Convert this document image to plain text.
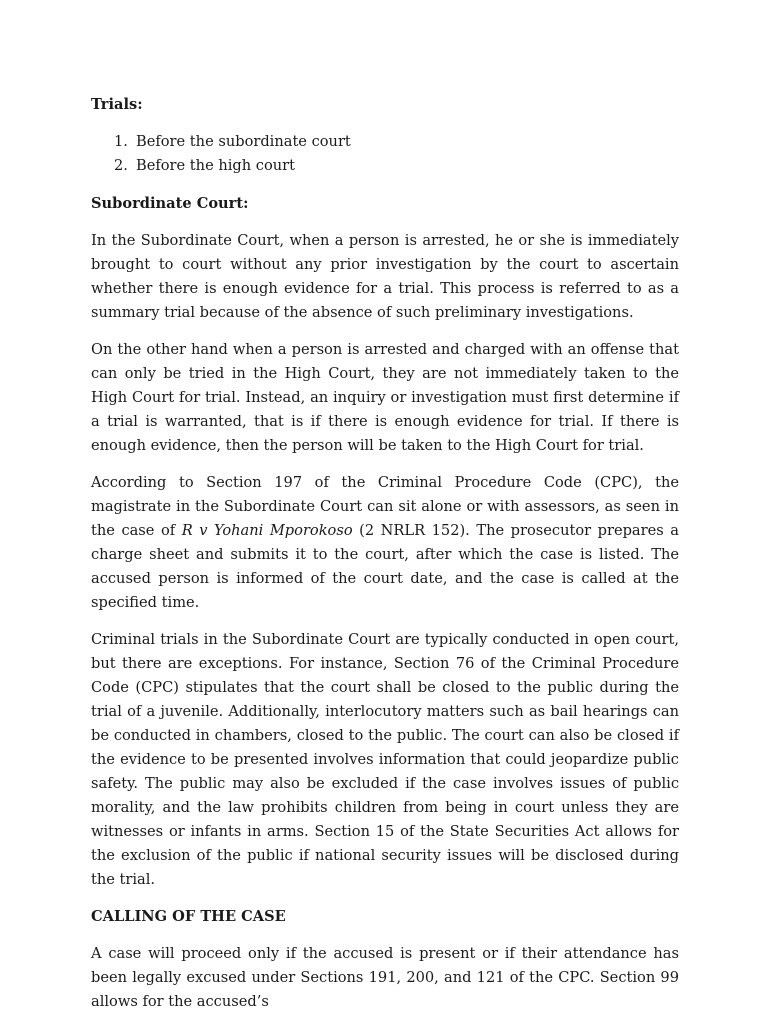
Trials:

1. Before the subordinate court
2. Before the high court

Subordinate Court:

In the Subordinate Court, when a person is arrested, he or she is immediately brought to court without any prior investigation by the court to ascertain whether there is enough evidence for a trial. This process is referred to as a summary trial because of the absence of such preliminary investigations.

On the other hand when a person is arrested and charged with an offense that can only be tried in the High Court, they are not immediately taken to the High Court for trial. Instead, an inquiry or investigation must first determine if a trial is warranted, that is if there is enough evidence for trial. If there is enough evidence, then the person will be taken to the High Court for trial.

According to Section 197 of the Criminal Procedure Code (CPC), the magistrate in the Subordinate Court can sit alone or with assessors, as seen in the case of R v Yohani Mporokoso (2 NRLR 152). The prosecutor prepares a charge sheet and submits it to the court, after which the case is listed. The accused person is informed of the court date, and the case is called at the specified time.

Criminal trials in the Subordinate Court are typically conducted in open court, but there are exceptions. For instance, Section 76 of the Criminal Procedure Code (CPC) stipulates that the court shall be closed to the public during the trial of a juvenile. Additionally, interlocutory matters such as bail hearings can be conducted in chambers, closed to the public. The court can also be closed if the evidence to be presented involves information that could jeopardize public safety. The public may also be excluded if the case involves issues of public morality, and the law prohibits children from being in court unless they are witnesses or infants in arms. Section 15 of the State Securities Act allows for the exclusion of the public if national security issues will be disclosed during the trial.

CALLING OF THE CASE

A case will proceed only if the accused is present or if their attendance has been legally excused under Sections 191, 200, and 121 of the CPC. Section 99 allows for the accused’s
